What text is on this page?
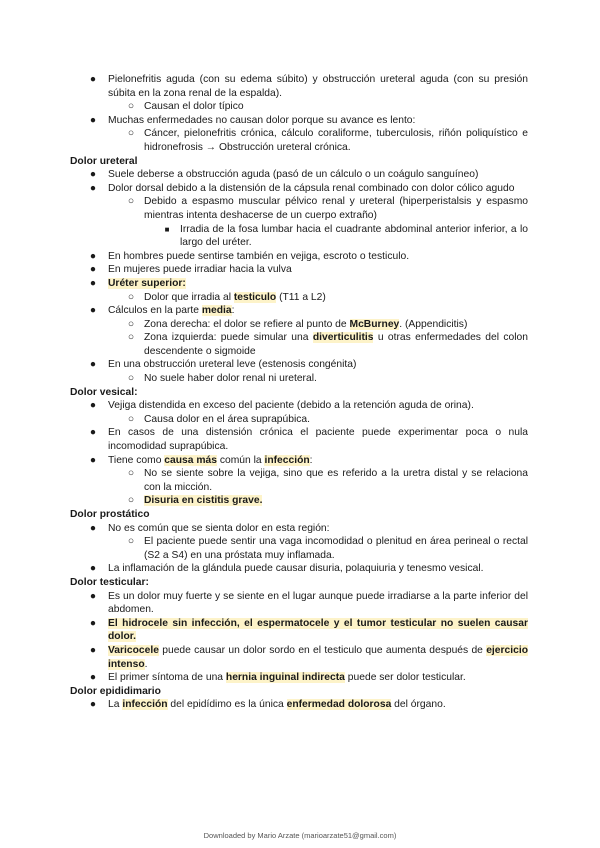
● Pielonefritis aguda (con su edema súbito) y obstrucción ureteral aguda (con su presión súbita en la zona renal de la espalda).
○ Causan el dolor típico
● Muchas enfermedades no causan dolor porque su avance es lento:
○ Cáncer, pielonefritis crónica, cálculo coraliforme, tuberculosis, riñón poliquístico e hidronefrosis → Obstrucción ureteral crónica.

Dolor ureteral

● Suele deberse a obstrucción aguda (pasó de un cálculo o un coágulo sanguíneo)
● Dolor dorsal debido a la distensión de la cápsula renal combinado con dolor cólico agudo
○ Debido a espasmo muscular pélvico renal y ureteral (hiperperistalsis y espasmo mientras intenta deshacerse de un cuerpo extraño)
■ Irradia de la fosa lumbar hacia el cuadrante abdominal anterior inferior, a lo largo del uréter.
● En hombres puede sentirse también en vejiga, escroto o testiculo.
● En mujeres puede irradiar hacia la vulva
● Uréter superior:
○ Dolor que irradia al testiculo (T11 a L2)
● Cálculos en la parte media:
○ Zona derecha: el dolor se refiere al punto de McBurney. (Appendicitis)
○ Zona izquierda: puede simular una diverticulitis u otras enfermedades del colon descendente o sigmoide
● En una obstrucción ureteral leve (estenosis congénita)
○ No suele haber dolor renal ni ureteral.

Dolor vesical:

● Vejiga distendida en exceso del paciente (debido a la retención aguda de orina).
○ Causa dolor en el área suprapúbica.
● En casos de una distensión crónica el paciente puede experimentar poca o nula incomodidad suprapúbica.
● Tiene como causa más común la infección:
○ No se siente sobre la vejiga, sino que es referido a la uretra distal y se relaciona con la micción.
○ Disuria en cistitis grave.

Dolor prostático

● No es común que se sienta dolor en esta región:
○ El paciente puede sentir una vaga incomodidad o plenitud en área perineal o rectal (S2 a S4) en una próstata muy inflamada.
● La inflamación de la glándula puede causar disuria, polaquiuria y tenesmo vesical.

Dolor testicular:

● Es un dolor muy fuerte y se siente en el lugar aunque puede irradiarse a la parte inferior del abdomen.
● El hidrocele sin infección, el espermatocele y el tumor testicular no suelen causar dolor.
● Varicocele puede causar un dolor sordo en el testiculo que aumenta después de ejercicio intenso.
● El primer síntoma de una hernia inguinal indirecta puede ser dolor testicular.

Dolor epididimario

● La infección del epidídimo es la única enfermedad dolorosa del órgano.
Downloaded by Mario Arzate (marioarzate51@gmail.com)
